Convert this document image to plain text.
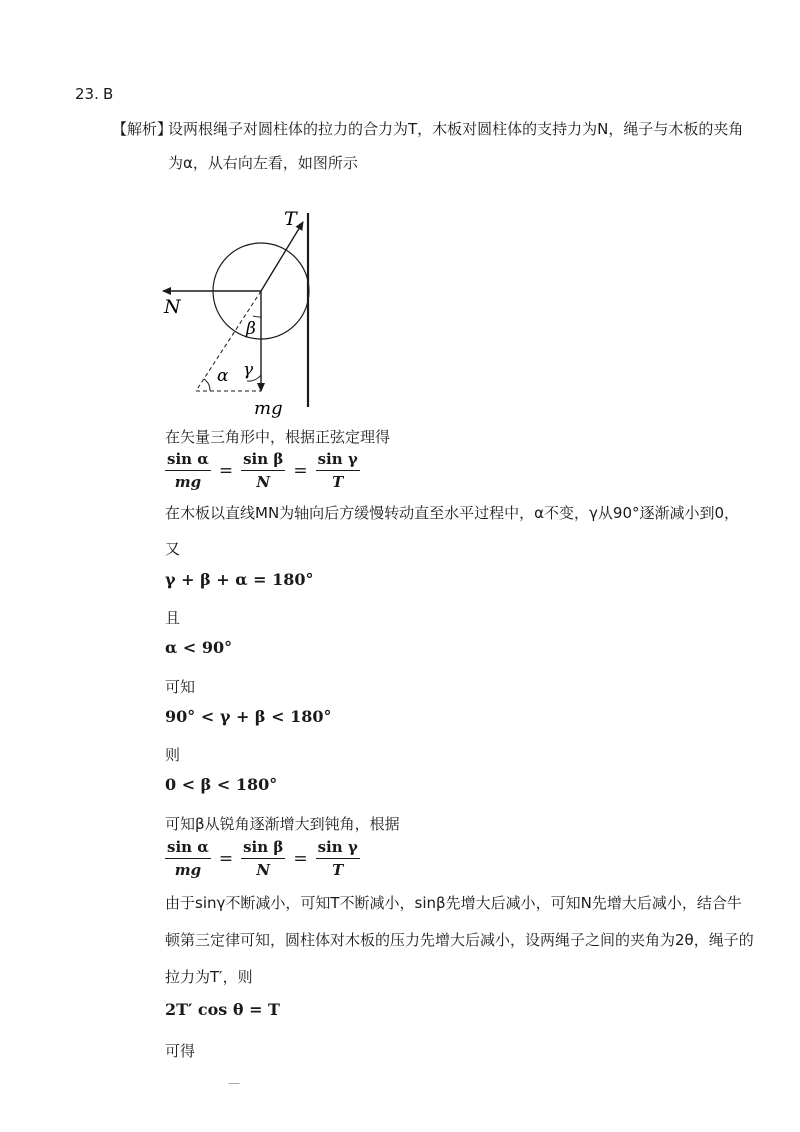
23. B
【解析】
设两根绳子对圆柱体的拉力的合力为T，木板对圆柱体的支持力为N，绳子与木板的夹角
为α，从右向左看，如图所示
T
N
β
α γ
mg
在矢量三角形中，根据正弦定理得
$\frac{\text{sin α}}{mg} = \frac{\text{sin β}}{N} = \frac{\text{sin γ}}{T}$
在木板以直线MN为轴向后方缓慢转动直至水平过程中，α不变，γ从90°逐渐减小到0，
又
γ + β + α = 180°
且
α < 90°
可知
90° < γ + β < 180°
则
0 < β < 180°
可知β从锐角逐渐增大到钝角，根据
$\frac{\text{sin α}}{mg} = \frac{\text{sin β}}{N} = \frac{\text{sin γ}}{T}$
由于sinγ不断减小，可知T不断减小，sinβ先增大后减小，可知N先增大后减小，结合牛
顿第三定律可知，圆柱体对木板的压力先增大后减小，设两绳子之间的夹角为2θ，绳子的
拉力为T′，则
2T′ cos θ = T
可得
—
